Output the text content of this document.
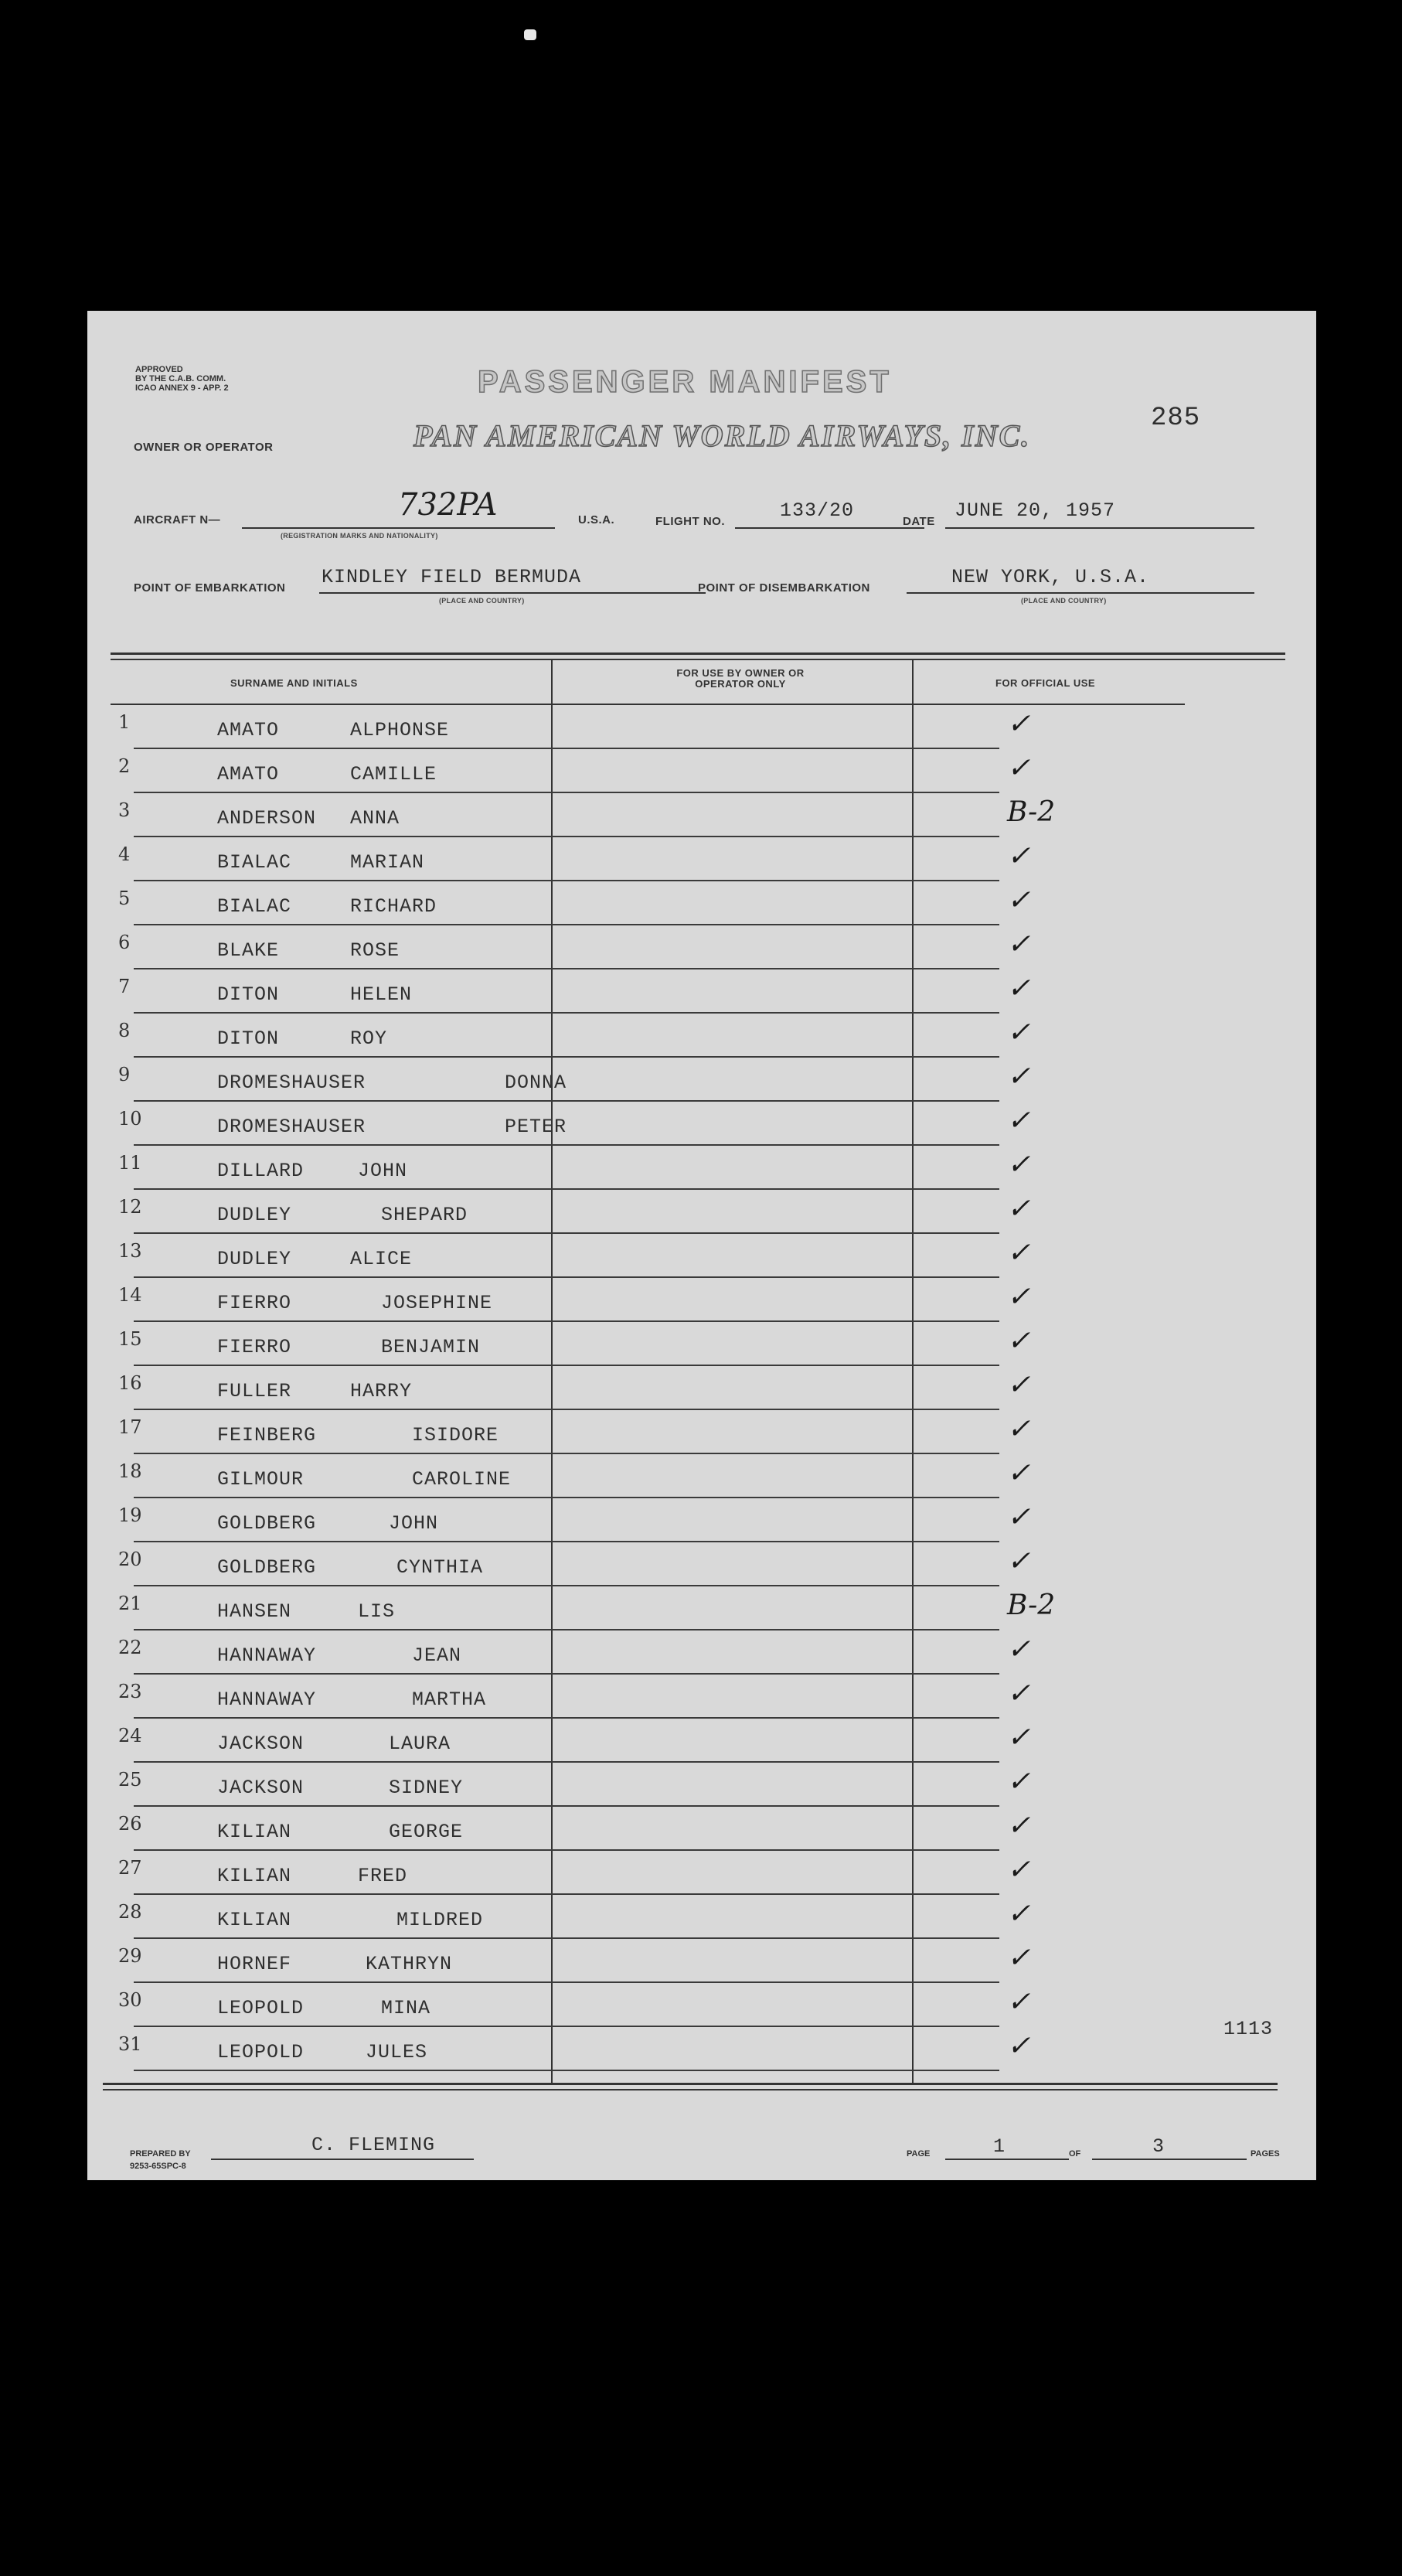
APPROVED
BY THE C.A.B. COMM.
ICAO ANNEX 9 - APP. 2	PASSENGER MANIFEST
285
OWNER OR OPERATOR	PAN AMERICAN WORLD AIRWAYS, INC.
AIRCRAFT N—	732PA
(REGISTRATION MARKS AND NATIONALITY)
U.S.A.	FLIGHT NO.	133/20	DATE JUNE 20, 1957
POINT OF EMBARKATION KINDLEY FIELD BERMUDA
(PLACE AND COUNTRY)
POINT OF DISEMBARKATION	NEW YORK, U.S.A.
(PLACE AND COUNTRY)
SURNAME AND INITIALS
FOR USE BY OWNER OR OPERATOR ONLY	FOR OFFICIAL USE
1	AMATO	ALPHONSE	✓
2	AMATO	CAMILLE	✓
3	ANDERSON ANNA	B-2
4	BIALAC	MARIAN	✓
5	BIALAC	RICHARD	✓
6	BLAKE	ROSE	✓
7	DITON	HELEN	✓
8	DITON	ROY	✓
9	DROMESHAUSER	DONNA	✓
10	DROMESHAUSER	PETER	✓
11	DILLARD	JOHN	✓
12	DUDLEY	SHEPARD	✓
13	DUDLEY	ALICE	✓
14	FIERRO	JOSEPHINE	✓
15	FIERRO	BENJAMIN	✓
16	FULLER	HARRY	✓
17	FEINBERG	ISIDORE	✓
18	GILMOUR	CAROLINE	✓
19	GOLDBERG	JOHN	✓
20	GOLDBERG	CYNTHIA	✓
21	HANSEN	LIS	B-2
22	HANNAWAY	JEAN	✓
23	HANNAWAY	MARTHA	✓
24	JACKSON	LAURA	✓
25	JACKSON	SIDNEY	✓
26	KILIAN	GEORGE	✓
27	KILIAN	FRED	✓
28	KILIAN	MILDRED	✓
29	HORNEF	KATHRYN	✓
30	LEOPOLD	MINA	✓
31	LEOPOLD	JULES	✓
1113
PREPARED BY
9253-65SPC-8
C. FLEMING	PAGE	1	OF	3	PAGES
